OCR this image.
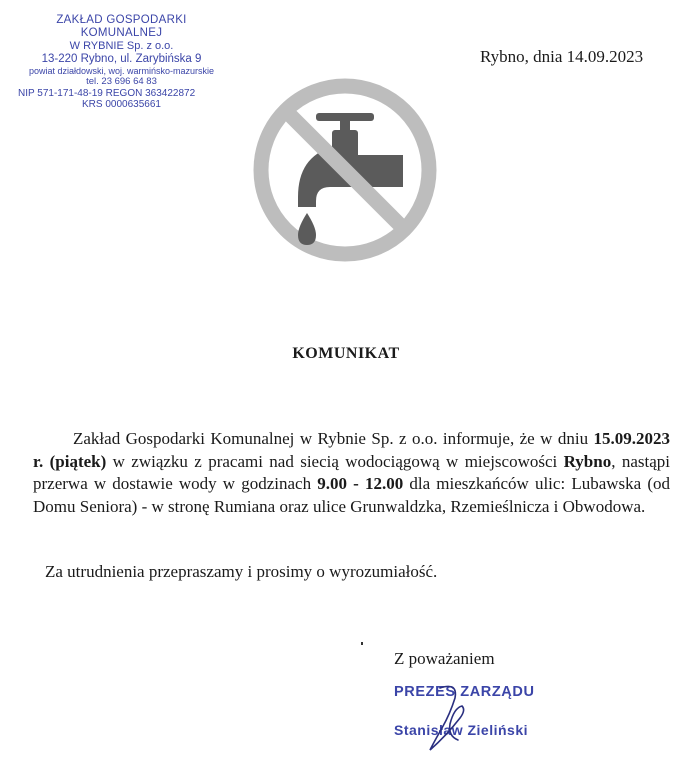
ZAKŁAD GOSPODARKI KOMUNALNEJ
W RYBNIE Sp. z o.o.
13-220 Rybno, ul. Zarybińska 9
powiat działdowski, woj. warmińsko-mazurskie
tel. 23 696 64 83
NIP 571-171-48-19 REGON 363422872
KRS 0000635661
Rybno, dnia 14.09.2023
KOMUNIKAT

Zakład Gospodarki Komunalnej w Rybnie Sp. z o.o. informuje, że w dniu 15.09.2023 r. (piątek) w związku z pracami nad siecią wodociągową w miejscowości Rybno, nastąpi przerwa w dostawie wody w godzinach 9.00 - 12.00 dla mieszkańców ulic: Lubawska (od Domu Seniora) - w stronę Rumiana oraz ulice Grunwaldzka, Rzemieślnicza i Obwodowa.

Za utrudnienia przepraszamy i prosimy o wyrozumiałość.

Z poważaniem
PREZES ZARZĄDU
Stanisław Zieliński
